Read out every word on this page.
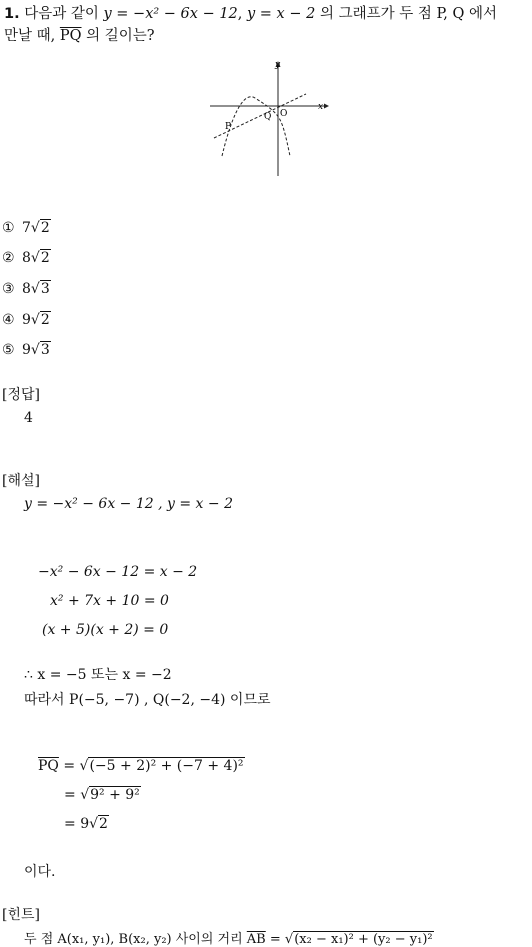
1. 다음과 같이 y = −x² − 6x − 12, y = x − 2 의 그래프가 두 점 P, Q 에서
만날 때, $\overline{PQ}$ 의 길이는?
y
x
O
P
Q
① 7√2
② 8√2
③ 8√3
④ 9√2
⑤ 9√3
[정답]
4
[해설]
y = −x² − 6x − 12 , y = x − 2
−x² − 6x − 12 = x − 2
x² + 7x + 10 = 0
(x + 5)(x + 2) = 0
∴ x = −5 또는 x = −2
따라서 P(−5, −7) , Q(−2, −4) 이므로
$\overline{PQ} = √(-5 + 2)^2 + (-7 + 4)^2$
= √9² + 9²
= 9√2
이다.
[힌트]
두 점 A(x₁, y₁), B(x₂, y₂) 사이의 거리 $\overline{AB} = √(x_2 - x_1)^2 + (y_2 - y_1)^2$
